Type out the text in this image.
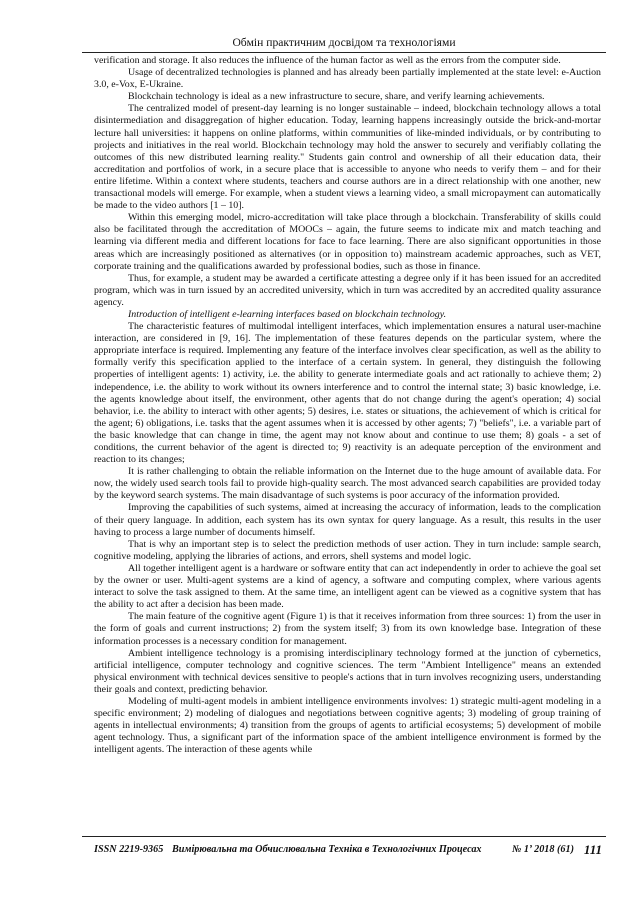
Обмін практичним досвідом та технологіями

verification and storage. It also reduces the influence of the human factor as well as the errors from the computer side.

Usage of decentralized technologies is planned and has already been partially implemented at the state level: e-Auction 3.0, e-Vox, E-Ukraine.

Blockchain technology is ideal as a new infrastructure to secure, share, and verify learning achievements.

The centralized model of present-day learning is no longer sustainable – indeed, blockchain technology allows a total disintermediation and disaggregation of higher education. Today, learning happens increasingly outside the brick-and-mortar lecture hall universities: it happens on online platforms, within communities of like-minded individuals, or by contributing to projects and initiatives in the real world. Blockchain technology may hold the answer to securely and verifiably collating the outcomes of this new distributed learning reality." Students gain control and ownership of all their education data, their accreditation and portfolios of work, in a secure place that is accessible to anyone who needs to verify them – and for their entire lifetime. Within a context where students, teachers and course authors are in a direct relationship with one another, new transactional models will emerge. For example, when a student views a learning video, a small micropayment can automatically be made to the video authors [1 – 10].

Within this emerging model, micro-accreditation will take place through a blockchain. Transferability of skills could also be facilitated through the accreditation of MOOCs – again, the future seems to indicate mix and match teaching and learning via different media and different locations for face to face learning. There are also significant opportunities in those areas which are increasingly positioned as alternatives (or in opposition to) mainstream academic approaches, such as VET, corporate training and the qualifications awarded by professional bodies, such as those in finance.

Thus, for example, a student may be awarded a certificate attesting a degree only if it has been issued for an accredited program, which was in turn issued by an accredited university, which in turn was accredited by an accredited quality assurance agency.

Introduction of intelligent e-learning interfaces based on blockchain technology.

The characteristic features of multimodal intelligent interfaces, which implementation ensures a natural user-machine interaction, are considered in [9, 16]. The implementation of these features depends on the particular system, where the appropriate interface is required. Implementing any feature of the interface involves clear specification, as well as the ability to formally verify this specification applied to the interface of a certain system. In general, they distinguish the following properties of intelligent agents: 1) activity, i.e. the ability to generate intermediate goals and act rationally to achieve them; 2) independence, i.e. the ability to work without its owners interference and to control the internal state; 3) basic knowledge, i.e. the agents knowledge about itself, the environment, other agents that do not change during the agent's operation; 4) social behavior, i.e. the ability to interact with other agents; 5) desires, i.e. states or situations, the achievement of which is critical for the agent; 6) obligations, i.e. tasks that the agent assumes when it is accessed by other agents; 7) "beliefs", i.e. a variable part of the basic knowledge that can change in time, the agent may not know about and continue to use them; 8) goals - a set of conditions, the current behavior of the agent is directed to; 9) reactivity is an adequate perception of the environment and reaction to its changes;

It is rather challenging to obtain the reliable information on the Internet due to the huge amount of available data. For now, the widely used search tools fail to provide high-quality search. The most advanced search capabilities are provided today by the keyword search systems. The main disadvantage of such systems is poor accuracy of the information provided.

Improving the capabilities of such systems, aimed at increasing the accuracy of information, leads to the complication of their query language. In addition, each system has its own syntax for query language. As a result, this results in the user having to process a large number of documents himself.

That is why an important step is to select the prediction methods of user action. They in turn include: sample search, cognitive modeling, applying the libraries of actions, and errors, shell systems and model logic.

All together intelligent agent is a hardware or software entity that can act independently in order to achieve the goal set by the owner or user. Multi-agent systems are a kind of agency, a software and computing complex, where various agents interact to solve the task assigned to them. At the same time, an intelligent agent can be viewed as a cognitive system that has the ability to act after a decision has been made.

The main feature of the cognitive agent (Figure 1) is that it receives information from three sources: 1) from the user in the form of goals and current instructions; 2) from the system itself; 3) from its own knowledge base. Integration of these information processes is a necessary condition for management.

Ambient intelligence technology is a promising interdisciplinary technology formed at the junction of cybernetics, artificial intelligence, computer technology and cognitive sciences. The term "Ambient Intelligence" means an extended physical environment with technical devices sensitive to people's actions that in turn involves recognizing users, understanding their goals and context, predicting behavior.

Modeling of multi-agent models in ambient intelligence environments involves: 1) strategic multi-agent modeling in a specific environment; 2) modeling of dialogues and negotiations between cognitive agents; 3) modeling of group training of agents in intellectual environments; 4) transition from the groups of agents to artificial ecosystems; 5) development of mobile agent technology. Thus, a significant part of the information space of the ambient intelligence environment is formed by the intelligent agents. The interaction of these agents while

ISSN 2219-9365 Вимірювальна та Обчислювальна Техніка в Технологічних Процесах	№ 1’ 2018 (61) 111
